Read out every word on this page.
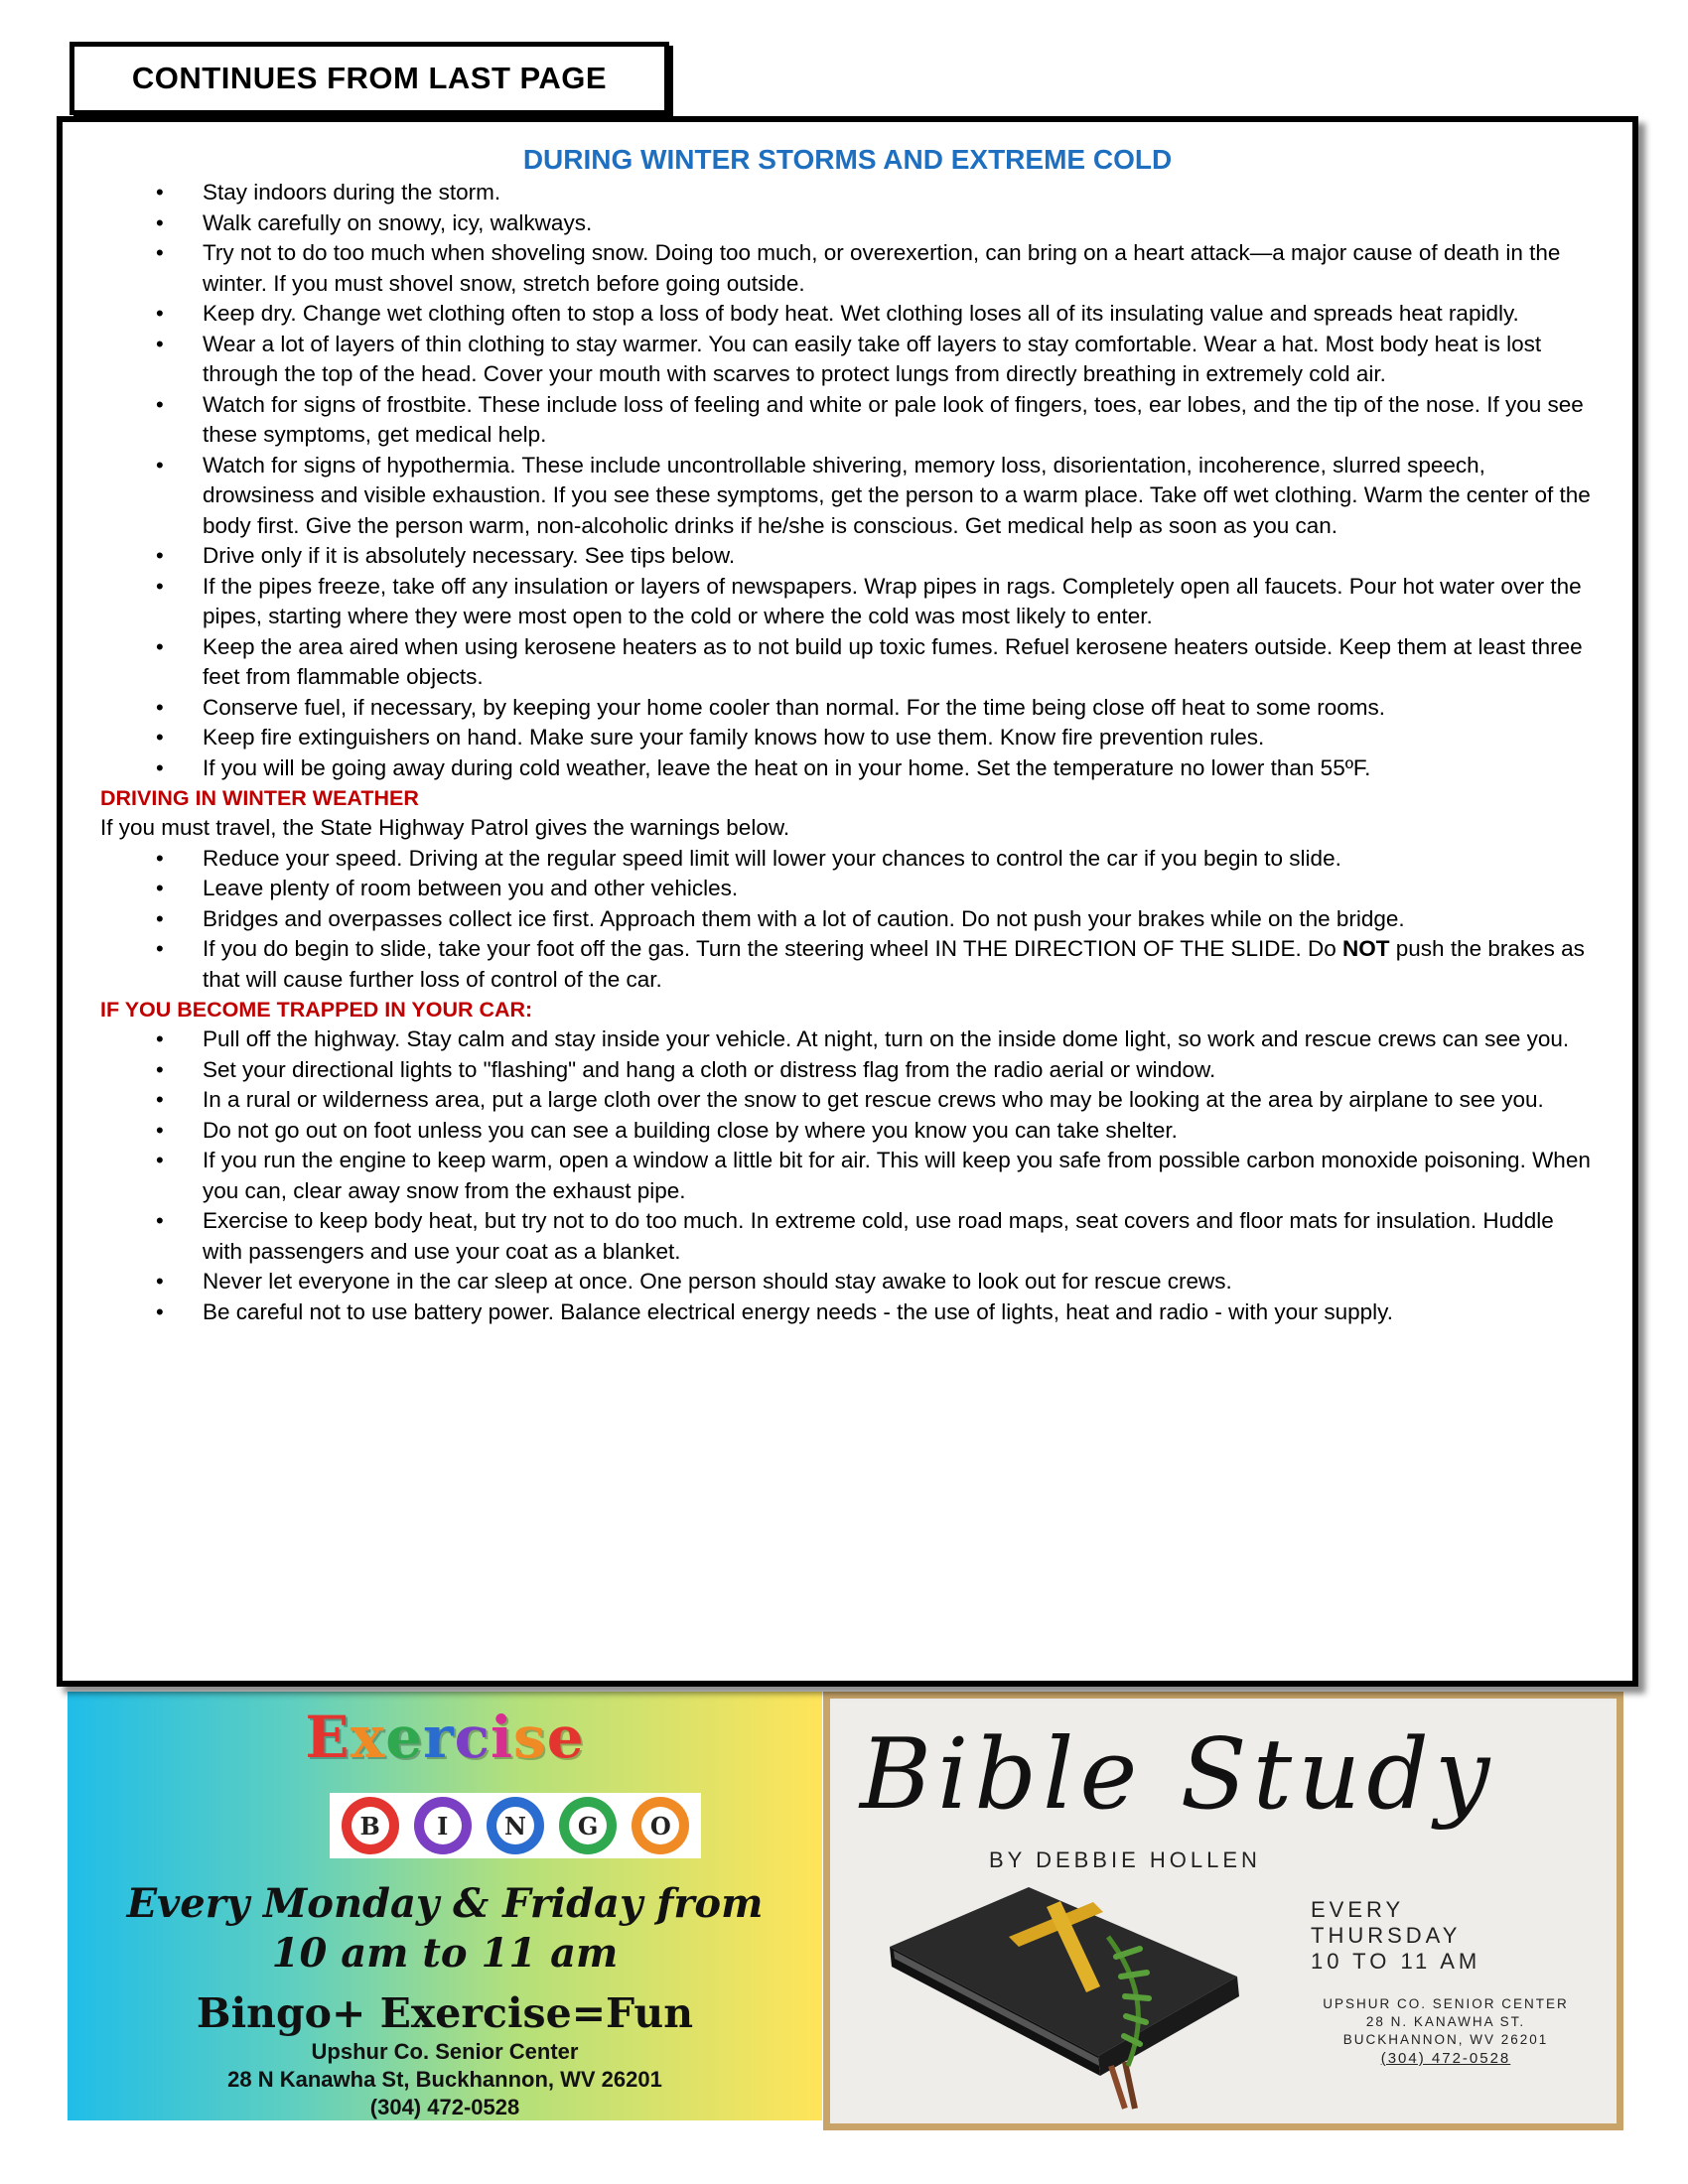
CONTINUES FROM LAST PAGE
DURING WINTER STORMS AND EXTREME COLD
• Stay indoors during the storm.
• Walk carefully on snowy, icy, walkways.
• Try not to do too much when shoveling snow. Doing too much, or overexertion, can bring on a heart attack—a major cause of death in the winter. If you must shovel snow, stretch before going outside.
• Keep dry. Change wet clothing often to stop a loss of body heat. Wet clothing loses all of its insulating value and spreads heat rapidly.
• Wear a lot of layers of thin clothing to stay warmer. You can easily take off layers to stay comfortable. Wear a hat. Most body heat is lost through the top of the head. Cover your mouth with scarves to protect lungs from directly breathing in extremely cold air.
• Watch for signs of frostbite. These include loss of feeling and white or pale look of fingers, toes, ear lobes, and the tip of the nose. If you see these symptoms, get medical help.
• Watch for signs of hypothermia. These include uncontrollable shivering, memory loss, disorientation, incoherence, slurred speech, drowsiness and visible exhaustion. If you see these symptoms, get the person to a warm place. Take off wet clothing. Warm the center of the body first. Give the person warm, non-alcoholic drinks if he/she is conscious. Get medical help as soon as you can.
• Drive only if it is absolutely necessary. See tips below.
• If the pipes freeze, take off any insulation or layers of newspapers. Wrap pipes in rags. Completely open all faucets. Pour hot water over the pipes, starting where they were most open to the cold or where the cold was most likely to enter.
• Keep the area aired when using kerosene heaters as to not build up toxic fumes. Refuel kerosene heaters outside. Keep them at least three feet from flammable objects.
• Conserve fuel, if necessary, by keeping your home cooler than normal. For the time being close off heat to some rooms.
• Keep fire extinguishers on hand. Make sure your family knows how to use them. Know fire prevention rules.
• If you will be going away during cold weather, leave the heat on in your home. Set the temperature no lower than 55ºF.
DRIVING IN WINTER WEATHER
If you must travel, the State Highway Patrol gives the warnings below.
• Reduce your speed. Driving at the regular speed limit will lower your chances to control the car if you begin to slide.
• Leave plenty of room between you and other vehicles.
• Bridges and overpasses collect ice first. Approach them with a lot of caution. Do not push your brakes while on the bridge.
• If you do begin to slide, take your foot off the gas. Turn the steering wheel IN THE DIRECTION OF THE SLIDE. Do NOT push the brakes as that will cause further loss of control of the car.
IF YOU BECOME TRAPPED IN YOUR CAR:
• Pull off the highway. Stay calm and stay inside your vehicle. At night, turn on the inside dome light, so work and rescue crews can see you.
• Set your directional lights to "flashing" and hang a cloth or distress flag from the radio aerial or window.
• In a rural or wilderness area, put a large cloth over the snow to get rescue crews who may be looking at the area by airplane to see you.
• Do not go out on foot unless you can see a building close by where you know you can take shelter.
• If you run the engine to keep warm, open a window a little bit for air. This will keep you safe from possible carbon monoxide poisoning. When you can, clear away snow from the exhaust pipe.
• Exercise to keep body heat, but try not to do too much. In extreme cold, use road maps, seat covers and floor mats for insulation. Huddle with passengers and use your coat as a blanket.
• Never let everyone in the car sleep at once. One person should stay awake to look out for rescue crews.
• Be careful not to use battery power. Balance electrical energy needs - the use of lights, heat and radio - with your supply.
Exercise
B	I	N	G	O
Every Monday & Friday from
10 am to 11 am
Bingo+ Exercise=Fun
Upshur Co. Senior Center
28 N Kanawha St, Buckhannon, WV 26201
(304) 472-0528
Bible Study
BY DEBBIE HOLLEN
EVERY
THURSDAY
10 TO 11 AM
UPSHUR CO. SENIOR CENTER
28 N. KANAWHA ST.
BUCKHANNON, WV 26201
(304) 472-0528
